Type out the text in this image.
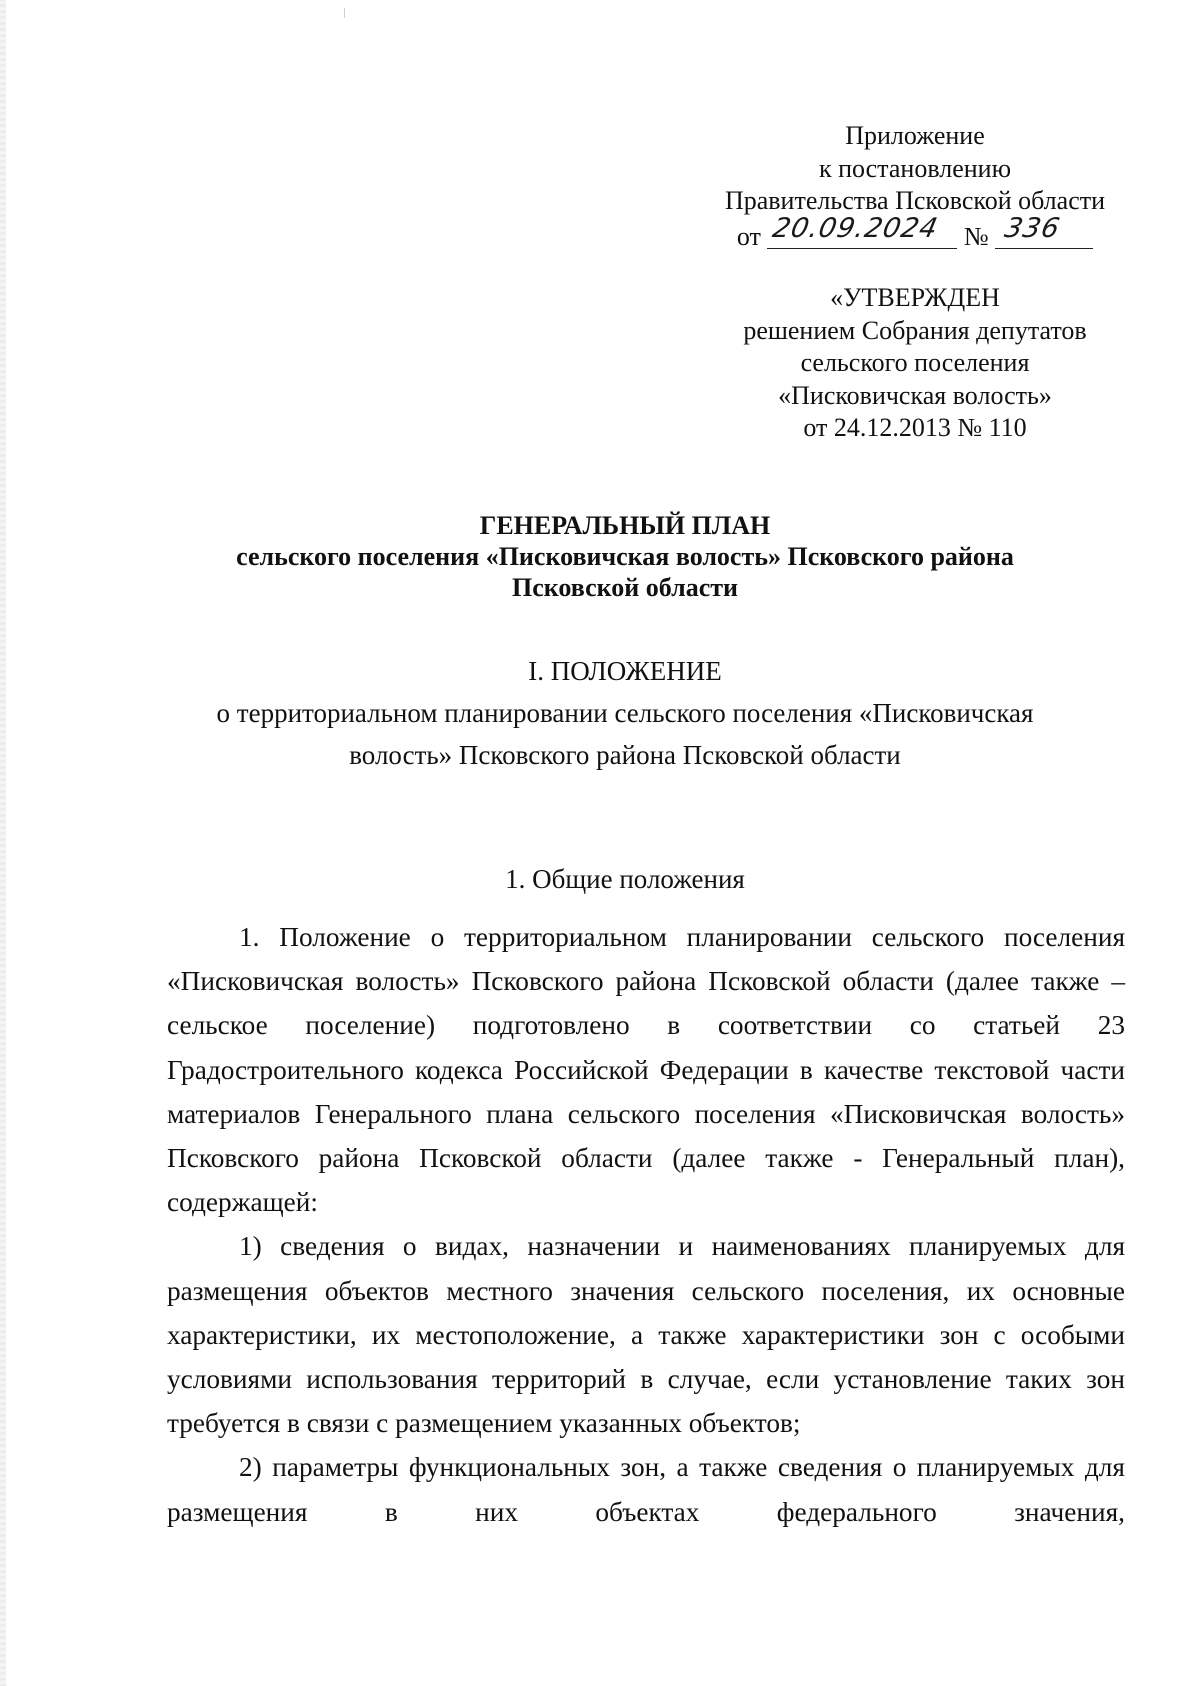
Приложение
к постановлению
Правительства Псковской области
от 20.09.2024 № 336
«УТВЕРЖДЕН
решением Собрания депутатов
сельского поселения
«Писковичская волость»
от 24.12.2013 № 110
ГЕНЕРАЛЬНЫЙ ПЛАН
сельского поселения «Писковичская волость» Псковского района
Псковской области
I. ПОЛОЖЕНИЕ
о территориальном планировании сельского поселения «Писковичская
волость» Псковского района Псковской области
1. Общие положения

1. Положение о территориальном планировании сельского поселения «Писковичская волость» Псковского района Псковской области (далее также – сельское поселение) подготовлено в соответствии со статьей 23 Градостроительного кодекса Российской Федерации в качестве текстовой части материалов Генерального плана сельского поселения «Писковичская волость» Псковского района Псковской области (далее также - Генеральный план), содержащей:

1) сведения о видах, назначении и наименованиях планируемых для размещения объектов местного значения сельского поселения, их основные характеристики, их местоположение, а также характеристики зон с особыми условиями использования территорий в случае, если установление таких зон требуется в связи с размещением указанных объектов;

2) параметры функциональных зон, а также сведения о планируемых для размещения в них объектах федерального значения,
